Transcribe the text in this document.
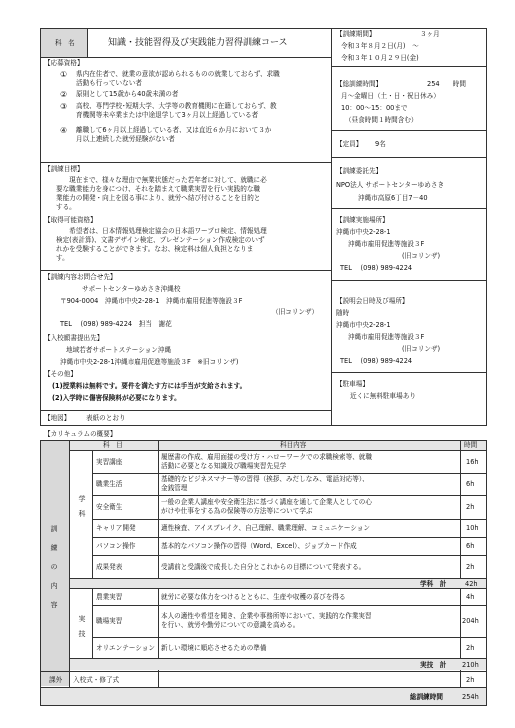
科　名	知識・技能習得及び実践能力習得訓練コース
【訓練期間】	３ヶ月
令和３年８月２日(月)　～
令和３年１０月２９日(金)
【応募資格】
① 県内在住者で、就業の意欲が認められるものの就業しておらず、求職
活動も行っていない者
② 原則として15歳から40歳未満の者
③ 高校、専門学校･短期大学、大学等の教育機関に在籍しておらず、教
育機関等未卒業または中途退学して3ヶ月以上経過している者
④ 離職して6ヶ月以上経過している者、又は直近６か月において３か
月以上連続した就労経験がない者
【総訓練時間】	254　　時間
月～金曜日（土・日・祝日休み）
10：00～15：00まで
（昼食時間１時間含む）
【定員】 9名
【訓練目標】
　　現在まで、様々な理由で無業状態だった若年者に対して、就職に必
要な職業能力を身につけ、それを踏まえて職業実習を行い実践的な職
業能力の開発・向上を図る事により、就労へ結び付けることを目的と
する。
【取得可能資格】
　　希望者は、日本情報処理検定協会の日本語ワープロ検定、情報処理
検定(表計算)、文書デザイン検定、プレゼンテーション作成検定のいず
れかを受験することができます。なお、検定料は個人負担となりま
す。
【訓練委託先】
NPO法人 サポートセンターゆめさき
沖縄市高原6丁目7－40
【訓練実施場所】
沖縄市中央2-28-1
沖縄市雇用促進等施設３F
(旧コリンザ)
TEL　 (098) 989-4224
【訓練内容お問合せ先】
サポートセンターゆめさき沖縄校
〒904-0004　沖縄市中央2-28-1　沖縄市雇用促進等施設３F
（旧コリンザ）
TEL　 (098) 989-4224　担当　謝花
【入校願書提出先】
地域若者サポートステーション沖縄
沖縄市中央2-28-1沖縄市雇用促進等施設３F　※旧コリンザ)
【説明会日時及び場所】
随時
沖縄市中央2-28-1
沖縄市雇用促進等施設３F
(旧コリンザ)
TEL　 (098) 989-4224
【駐車場】
近くに無料駐車場あり
【その他】
(1)授業料は無料です。要件を満たす方には手当が支給されます。
(2)入学時に傷害保険料が必要になります。
【地図】 表紙のとおり
【カリキュラムの概要】
訓
練
の
内
容
科　目	科目内容	時間
学
科
実習講座
履歴書の作成、雇用面接の受け方・ハローワークでの求職検索等、就職
活動に必要となる知識及び職場実習先見学	16h
職業生活
基礎的なビジネスマナー等の習得（挨拶、みだしなみ、電話対応等）、
金銭管理	6h
安全衛生
一般の企業人講座や安全衛生法に基づく講座を通して企業人としての心
がけや仕事をする為の保険等の方法等について学ぶ	2h
キャリア開発	適性検査、アイスブレイク、自己理解、職業理解、コミュニケーション	10h
パソコン操作	基本的なパソコン操作の習得（Word、Excel）、ジョブカード作成	6h
成果発表	受講前と受講後で成長した自分とこれからの目標について発表する。	2h
学科　計	42h
実
技
農業実習	就労に必要な体力をつけるとともに、生産や収穫の喜びを得る	4h
職場実習
本人の適性や希望を聞き、企業や事務所等において、実践的な作業実習
を行い、就労や勤労についての意識を高める。	204h
オリエンテーション 新しい環境に順応させるための準備	2h
実技　計 210h
課外 入校式・修了式	2h
総訓練時間	254h
